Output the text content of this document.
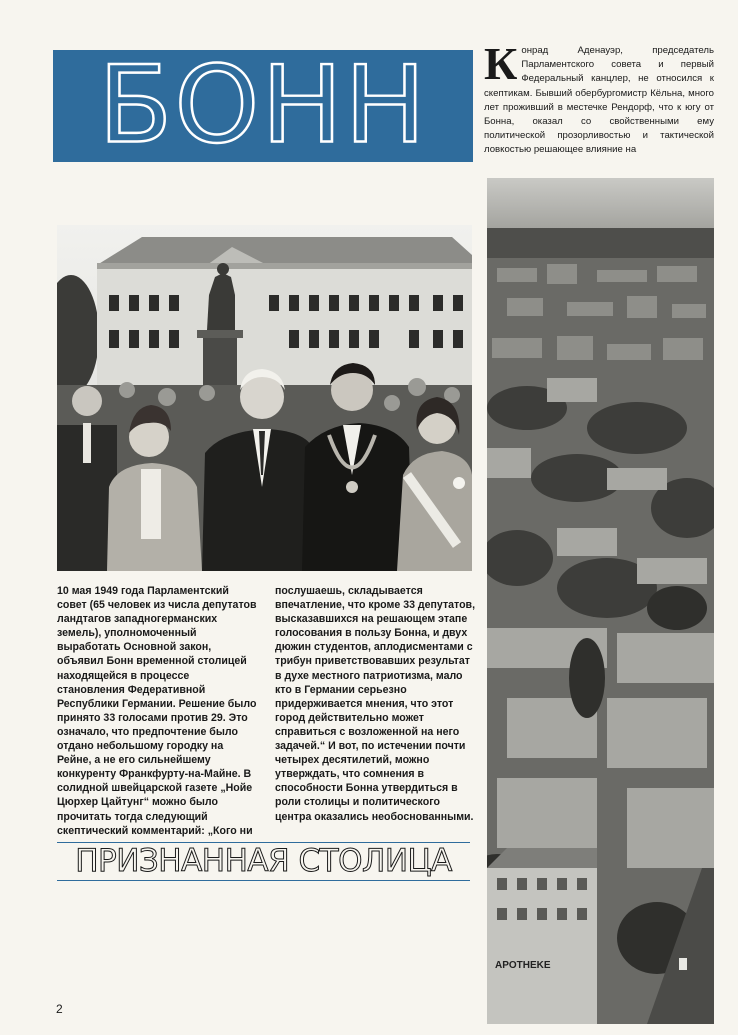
БОНН	Конрад Аденауэр, председатель Парламентского совета и первый Федеральный канцлер, не относился к скептикам. Бывший обербургомистр Кёльна, много лет проживший в местечке Рендорф, что к югу от Бонна, оказал со свойственными ему политической прозорливостью и тактической ловкостью решающее влияние на
APOTHEKE
10 мая 1949 года Парламентский совет (65 человек из числа депутатов ландтагов западногерманских земель), уполномоченный выработать Основной закон, объявил Бонн временной столицей находящейся в процессе становления Федеративной Республики Германии. Решение было принято 33 голосами против 29. Это означало, что предпочтение было отдано небольшому городку на Рейне, а не его сильнейшему конкуренту Франкфурту-на-Майне. В солидной швейцарской газете „Нойе Цюрхер Цайтунг“ можно было прочитать тогда следующий скептический комментарий: „Кого ни
послушаешь, складывается впечатление, что кроме 33 депутатов, высказавшихся на решающем этапе голосования в пользу Бонна, и двух дюжин студентов, аплодисментами с трибун приветствовавших результат в духе местного патриотизма, мало кто в Германии серьезно придерживается мнения, что этот город действительно может справиться с возложенной на него задачей.“ И вот, по истечении почти четырех десятилетий, можно утверждать, что сомнения в способности Бонна утвердиться в роли столицы и политического центра оказались необоснованными.
ПРИЗНАННАЯ СТОЛИЦА
2
